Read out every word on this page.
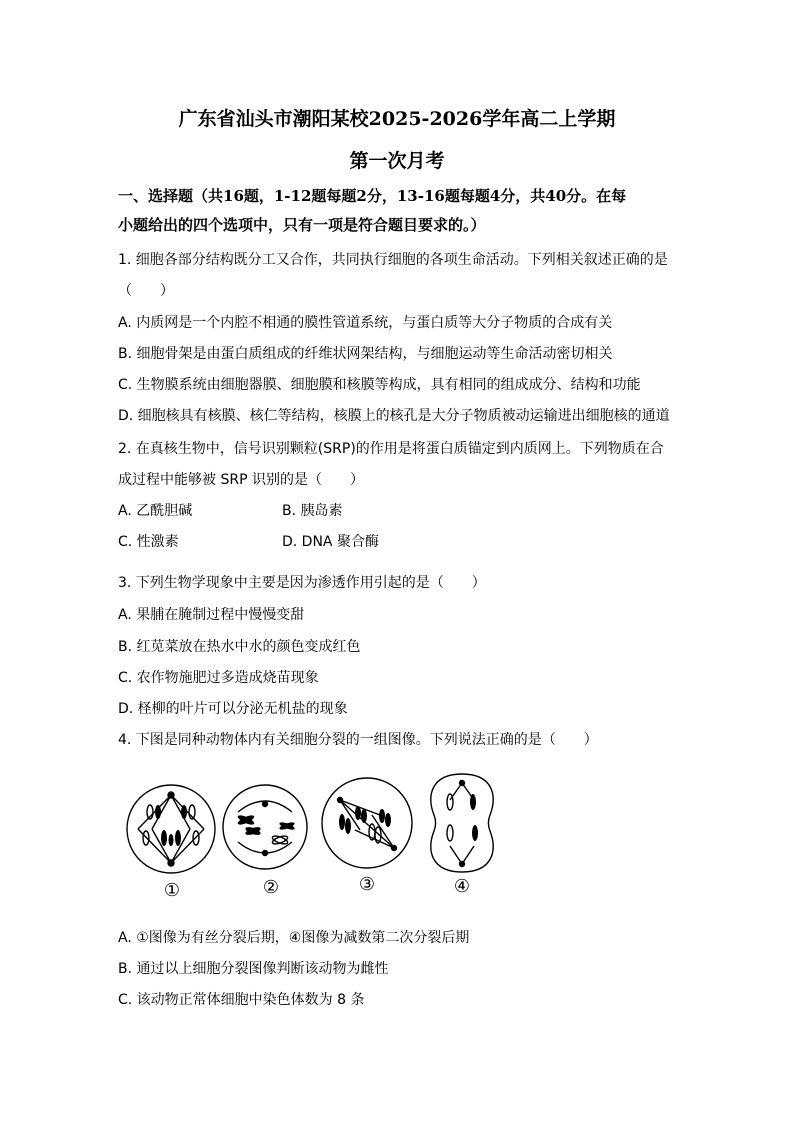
广东省汕头市潮阳某校2025-2026学年高二上学期
第一次月考
一、选择题（共16题，1-12题每题2分，13-16题每题4分，共40分。在每
小题给出的四个选项中，只有一项是符合题目要求的。）
1. 细胞各部分结构既分工又合作，共同执行细胞的各项生命活动。下列相关叙述正确的是
（　　）
A. 内质网是一个内腔不相通的膜性管道系统，与蛋白质等大分子物质的合成有关
B. 细胞骨架是由蛋白质组成的纤维状网架结构，与细胞运动等生命活动密切相关
C. 生物膜系统由细胞器膜、细胞膜和核膜等构成，具有相同的组成成分、结构和功能
D. 细胞核具有核膜、核仁等结构，核膜上的核孔是大分子物质被动运输进出细胞核的通道
2. 在真核生物中，信号识别颗粒(SRP)的作用是将蛋白质锚定到内质网上。下列物质在合
成过程中能够被 SRP 识别的是（　　）
A. 乙酰胆碱	B. 胰岛素
C. 性激素	D. DNA 聚合酶
3. 下列生物学现象中主要是因为渗透作用引起的是（　　）
A. 果脯在腌制过程中慢慢变甜
B. 红苋菜放在热水中水的颜色变成红色
C. 农作物施肥过多造成烧苗现象
D. 柽柳的叶片可以分泌无机盐的现象
4. 下图是同种动物体内有关细胞分裂的一组图像。下列说法正确的是（　　）
①	②	③	④
A. ①图像为有丝分裂后期，④图像为减数第二次分裂后期
B. 通过以上细胞分裂图像判断该动物为雌性
C. 该动物正常体细胞中染色体数为 8 条
